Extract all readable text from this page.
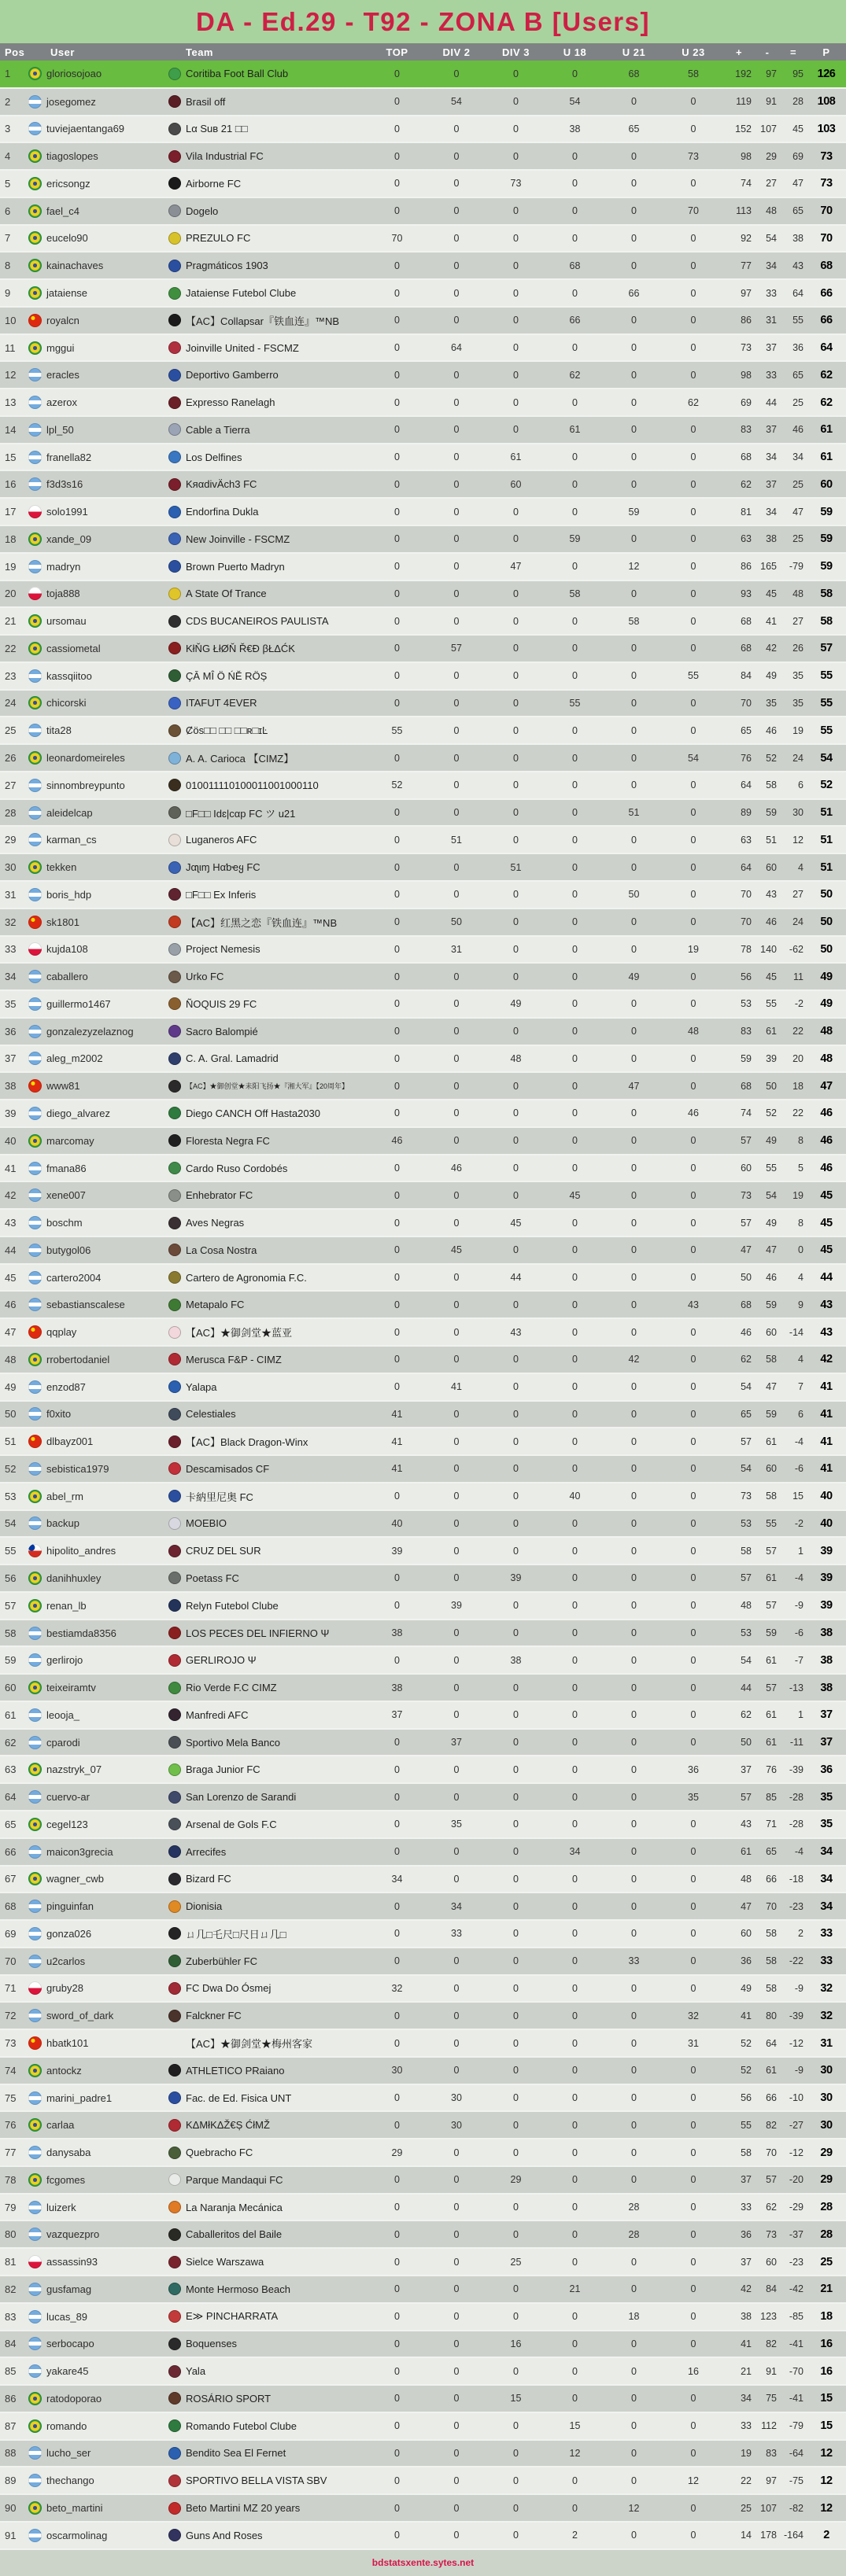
DA - Ed.29 - T92 - ZONA B [Users]
Pos	User	Team	TOP	DIV 2	DIV 3	U 18	U 21	U 23	+	-	=	P
1	gloriosojoao	Coritiba Foot Ball Club	0	0	0	0	68	58	192	97	95	126
2	josegomez	Brasil off	0	54	0	54	0	0	119	91	28	108
3	tuviejaentanga69	Lα Suʙ 21 □□	0	0	0	38	65	0	152	107	45	103
4	tiagoslopes	Vila Industrial FC	0	0	0	0	0	73	98	29	69	73
5	ericsongz	Airborne FC	0	0	73	0	0	0	74	27	47	73
6	fael_c4	Dogelo	0	0	0	0	0	70	113	48	65	70
7	eucelo90	PREZULO FC	70	0	0	0	0	0	92	54	38	70
8	kainachaves	Pragmáticos 1903	0	0	0	68	0	0	77	34	43	68
9	jataiense	Jataiense Futebol Clube	0	0	0	0	66	0	97	33	64	66
10	royalcn	【AC】Collapsar『铁血连』™NB	0	0	0	66	0	0	86	31	55	66
11	mggui	Joinville United - FSCMZ	0	64	0	0	0	0	73	37	36	64
12	eracles	Deportivo Gamberro	0	0	0	62	0	0	98	33	65	62
13	azerox	Expresso Ranelagh	0	0	0	0	0	62	69	44	25	62
14	lpl_50	Cable a Tierra	0	0	0	61	0	0	83	37	46	61
15	franella82	Los Delfines	0	0	61	0	0	0	68	34	34	61
16	f3d3s16	KяαdivÄch3 FC	0	0	60	0	0	0	62	37	25	60
17	solo1991	Endorfina Dukla	0	0	0	0	59	0	81	34	47	59
18	xande_09	New Joinville - FSCMZ	0	0	0	59	0	0	63	38	25	59
19	madryn	Brown Puerto Madryn	0	0	47	0	12	0	86	165	-79	59
20	toja888	A State Of Trance	0	0	0	58	0	0	93	45	48	58
21	ursomau	CDS BUCANEIROS PAULISTA	0	0	0	0	58	0	68	41	27	58
22	cassiometal	KłŇG ŁłØŇ Ř€Đ βŁΔĆK	0	57	0	0	0	0	68	42	26	57
23	kassqiitoo	ÇĀ MÎ Ö ŃĔ RÖȘ	0	0	0	0	0	55	84	49	35	55
24	chicorski	ITAFUT 4EVER	0	0	0	55	0	0	70	35	35	55
25	tita28	Ȼös□□ □□ □□ʀ□ɪĿ	55	0	0	0	0	0	65	46	19	55
26	leonardomeireles	A. A. Carioca 【CIMZ】	0	0	0	0	0	54	76	52	24	54
27	sinnombreypunto	010011110100011001000110	52	0	0	0	0	0	64	58	6	52
28	aleidelcap	□F□□ Idɛ|cαp FC ツ u21	0	0	0	0	51	0	89	59	30	51
29	karman_cs	Luganeros AFC	0	51	0	0	0	0	63	51	12	51
30	tekken	Jαʅιɱ Hαƅҽყ FC	0	0	51	0	0	0	64	60	4	51
31	boris_hdp	□F□□ Ex Inferis	0	0	0	0	50	0	70	43	27	50
32	sk1801	【AC】红黑之恋『铁血连』™NB	0	50	0	0	0	0	70	46	24	50
33	kujda108	Project Nemesis	0	31	0	0	0	19	78	140	-62	50
34	caballero	Urko FC	0	0	0	0	49	0	56	45	11	49
35	guillermo1467	ÑOQUIS 29 FC	0	0	49	0	0	0	53	55	-2	49
36	gonzalezyzelaznog	Sacro Balompié	0	0	0	0	0	48	83	61	22	48
37	aleg_m2002	C. A. Gral. Lamadrid	0	0	48	0	0	0	59	39	20	48
38	www81	【AC】★御创堂★耒阳飞扬★『湘大军』【20周年】	0	0	0	0	47	0	68	50	18	47
39	diego_alvarez	Diego CANCH Off Hasta2030	0	0	0	0	0	46	74	52	22	46
40	marcomay	Floresta Negra FC	46	0	0	0	0	0	57	49	8	46
41	fmana86	Cardo Ruso Cordobés	0	46	0	0	0	0	60	55	5	46
42	xene007	Enhebrator FC	0	0	0	45	0	0	73	54	19	45
43	boschm	Aves Negras	0	0	45	0	0	0	57	49	8	45
44	butygol06	La Cosa Nostra	0	45	0	0	0	0	47	47	0	45
45	cartero2004	Cartero de Agronomia F.C.	0	0	44	0	0	0	50	46	4	44
46	sebastianscalese	Metapalo FC	0	0	0	0	0	43	68	59	9	43
47	qqplay	【AC】★御剑堂★蓝亚	0	0	43	0	0	0	46	60	-14	43
48	rrobertodaniel	Merusca F&P - CIMZ	0	0	0	0	42	0	62	58	4	42
49	enzod87	Yalapa	0	41	0	0	0	0	54	47	7	41
50	f0xito	Celestiales	41	0	0	0	0	0	65	59	6	41
51	dlbayz001	【AC】Black Dragon-Winx	41	0	0	0	0	0	57	61	-4	41
52	sebistica1979	Descamisados CF	41	0	0	0	0	0	54	60	-6	41
53	abel_rm	卡納里尼奥 FC	0	0	0	40	0	0	73	58	15	40
54	backup	MOEBIO	40	0	0	0	0	0	53	55	-2	40
55	hipolito_andres	CRUZ DEL SUR	39	0	0	0	0	0	58	57	1	39
56	danihhuxley	Poetass FC	0	0	39	0	0	0	57	61	-4	39
57	renan_lb	Relyn Futebol Clube	0	39	0	0	0	0	48	57	-9	39
58	bestiamda8356	LOS PECES DEL INFIERNO Ψ	38	0	0	0	0	0	53	59	-6	38
59	gerlirojo	GERLIROJO Ψ	0	0	38	0	0	0	54	61	-7	38
60	teixeiramtv	Rio Verde F.C CIMZ	38	0	0	0	0	0	44	57	-13	38
61	leooja_	Manfredi AFC	37	0	0	0	0	0	62	61	1	37
62	cparodi	Sportivo Mela Banco	0	37	0	0	0	0	50	61	-11	37
63	nazstryk_07	Braga Junior FC	0	0	0	0	0	36	37	76	-39	36
64	cuervo-ar	San Lorenzo de Sarandi	0	0	0	0	0	35	57	85	-28	35
65	cegel123	Arsenal de Gols F.C	0	35	0	0	0	0	43	71	-28	35
66	maicon3grecia	Arrecifes	0	0	0	34	0	0	61	65	-4	34
67	wagner_cwb	Bizard FC	34	0	0	0	0	0	48	66	-18	34
68	pinguinfan	Dionisia	0	34	0	0	0	0	47	70	-23	34
69	gonza026	ㄩ几□乇尺□尺日ㄩ几□	0	33	0	0	0	0	60	58	2	33
70	u2carlos	Zuberbühler FC	0	0	0	0	33	0	36	58	-22	33
71	gruby28	FC Dwa Do Ósmej	32	0	0	0	0	0	49	58	-9	32
72	sword_of_dark	Falckner FC	0	0	0	0	0	32	41	80	-39	32
73	hbatk101	【AC】★御剑堂★梅州客家	0	0	0	0	0	31	52	64	-12	31
74	antockz	ATHLETICO PRaiano	30	0	0	0	0	0	52	61	-9	30
75	marini_padre1	Fac. de Ed. Fisica UNT	0	30	0	0	0	0	56	66	-10	30
76	carlaa	KΔMłKΔŽ€Ș ĆłMŽ	0	30	0	0	0	0	55	82	-27	30
77	danysaba	Quebracho FC	29	0	0	0	0	0	58	70	-12	29
78	fcgomes	Parque Mandaqui FC	0	0	29	0	0	0	37	57	-20	29
79	luizerk	La Naranja Mecánica	0	0	0	0	28	0	33	62	-29	28
80	vazquezpro	Caballeritos del Baile	0	0	0	0	28	0	36	73	-37	28
81	assassin93	Sielce Warszawa	0	0	25	0	0	0	37	60	-23	25
82	gusfamag	Monte Hermoso Beach	0	0	0	21	0	0	42	84	-42	21
83	lucas_89	E≫ PINCHARRATA	0	0	0	0	18	0	38	123	-85	18
84	serbocapo	Boquenses	0	0	16	0	0	0	41	82	-41	16
85	yakare45	Yala	0	0	0	0	0	16	21	91	-70	16
86	ratodoporao	ROSÁRIO SPORT	0	0	15	0	0	0	34	75	-41	15
87	romando	Romando Futebol Clube	0	0	0	15	0	0	33	112	-79	15
88	lucho_ser	Bendito Sea El Fernet	0	0	0	12	0	0	19	83	-64	12
89	thechango	SPORTIVO BELLA VISTA SBV	0	0	0	0	0	12	22	97	-75	12
90	beto_martini	Beto Martini MZ 20 years	0	0	0	0	12	0	25	107	-82	12
91	oscarmolinag	Guns And Roses	0	0	0	2	0	0	14	178	-164	2
bdstatsxente.sytes.net
